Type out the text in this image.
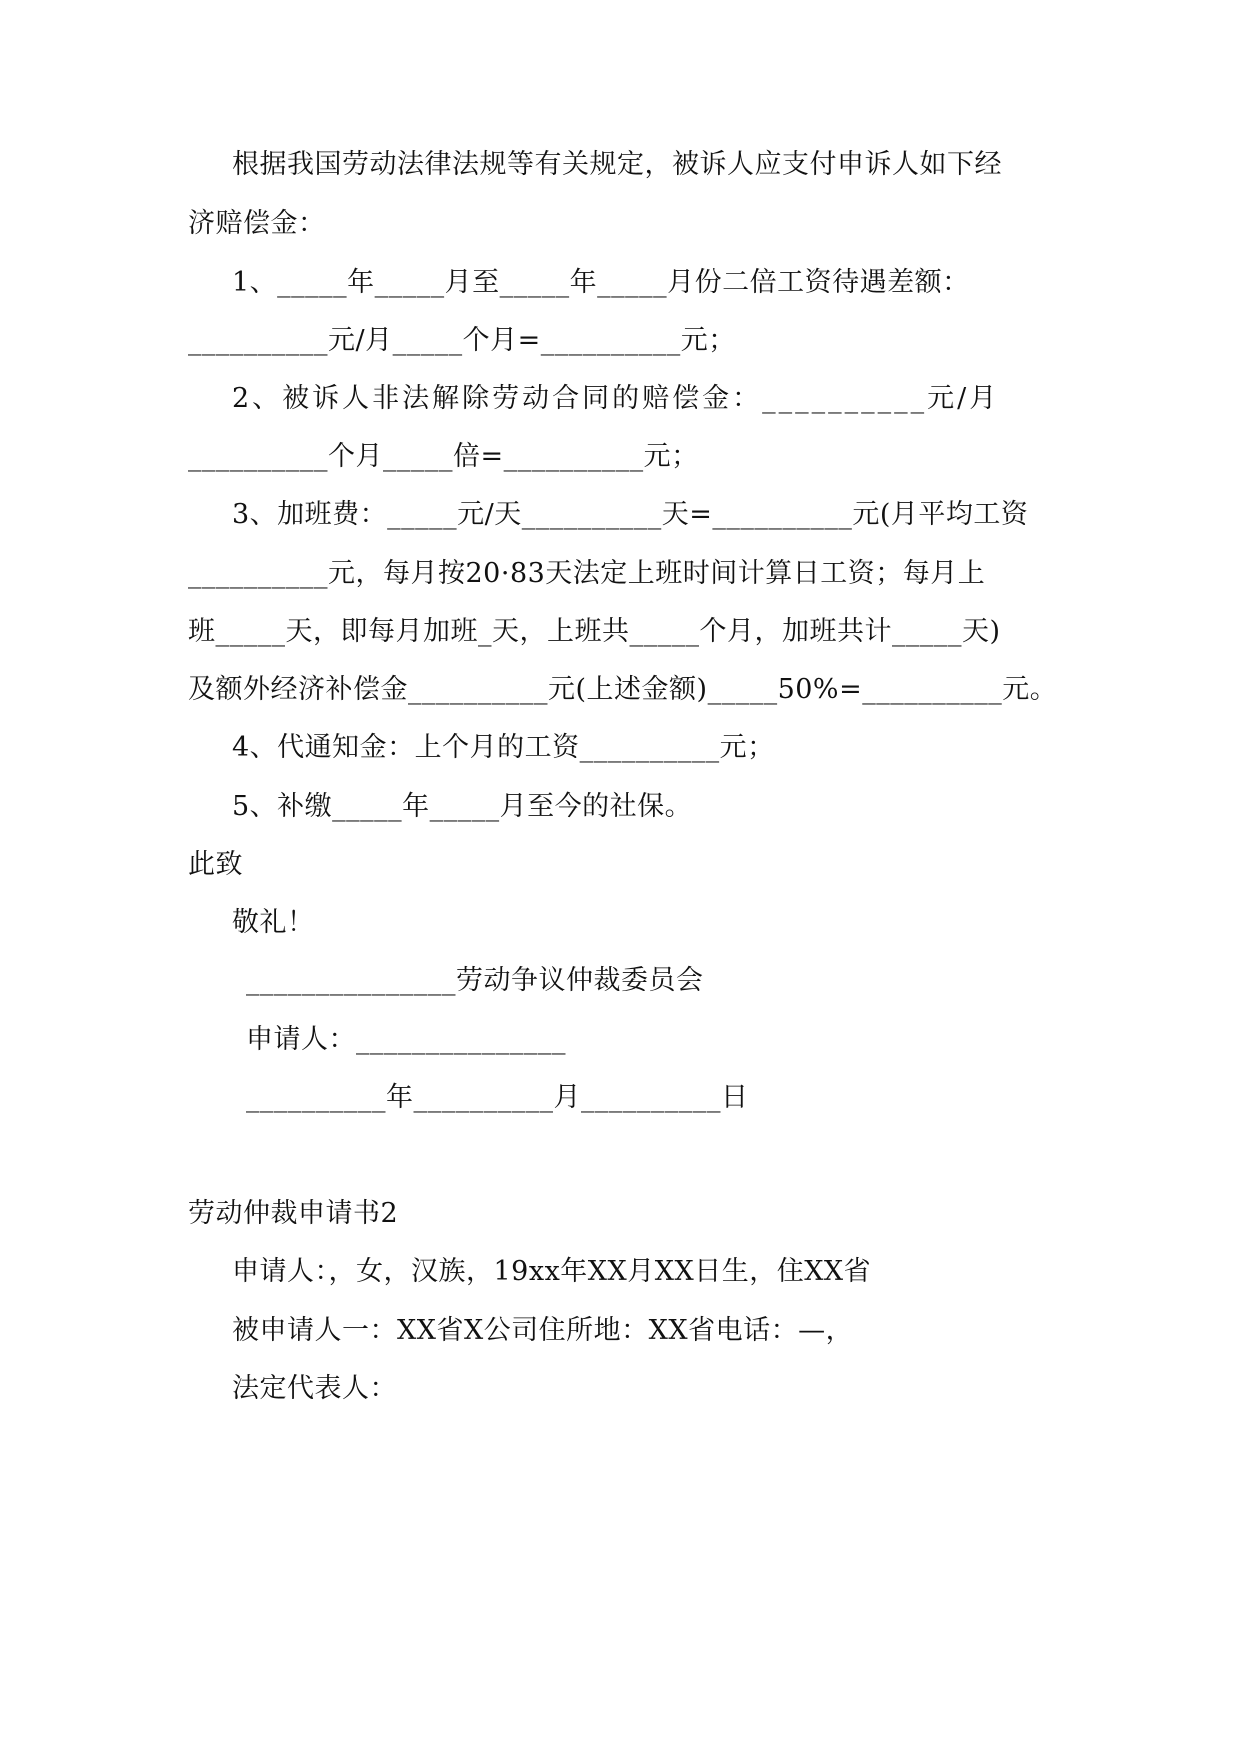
根据我国劳动法律法规等有关规定，被诉人应支付申诉人如下经
济赔偿金：
1、_____年_____月至_____年_____月份二倍工资待遇差额：
__________元/月_____个月=__________元；
2、被诉人非法解除劳动合同的赔偿金：__________元/月
__________个月_____倍=__________元；
3、加班费：_____元/天__________天=__________元(月平均工资
__________元，每月按20·83天法定上班时间计算日工资；每月上
班_____天，即每月加班_天，上班共_____个月，加班共计_____天)
及额外经济补偿金__________元(上述金额)_____50%=__________元。
4、代通知金：上个月的工资__________元；
5、补缴_____年_____月至今的社保。
此致
敬礼！
_______________劳动争议仲裁委员会
申请人：_______________
__________年__________月__________日
劳动仲裁申请书2
申请人：，女，汉族，19xx年XX月XX日生，住XX省
被申请人一：XX省X公司住所地：XX省电话：—，
法定代表人：
